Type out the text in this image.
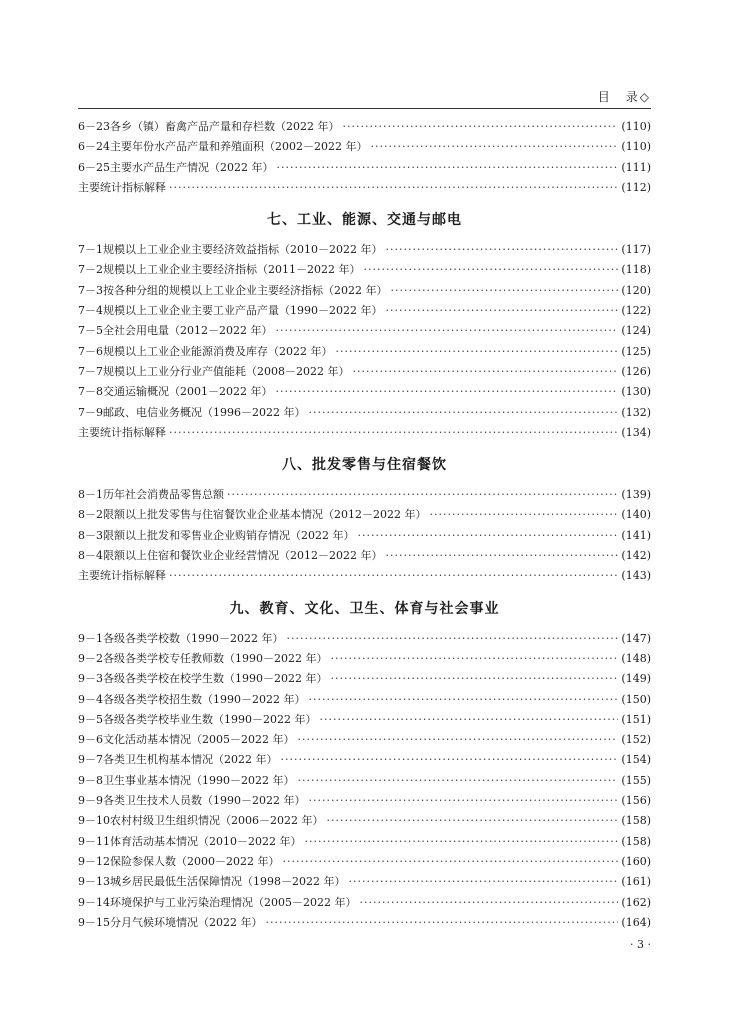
目　录◇
6－23 各乡（镇）畜禽产品产量和存栏数（2022 年） ·····	(110)
6－24 主要年份水产品产量和养殖面积（2002－2022 年） ·····	(110)
6－25 主要水产品生产情况（2022 年） ·····	(111)
主要统计指标解释 ·····	(112)
七、工业、能源、交通与邮电
7－1 规模以上工业企业主要经济效益指标（2010－2022 年） ·····	(117)
7－2 规模以上工业企业主要经济指标（2011－2022 年） ·····	(118)
7－3 按各种分组的规模以上工业企业主要经济指标（2022 年） ·····	(120)
7－4 规模以上工业企业主要工业产品产量（1990－2022 年） ·····	(122)
7－5 全社会用电量（2012－2022 年） ·····	(124)
7－6 规模以上工业企业能源消费及库存（2022 年） ·····	(125)
7－7 规模以上工业分行业产值能耗（2008－2022 年） ·····	(126)
7－8 交通运输概况（2001－2022 年） ·····	(130)
7－9 邮政、电信业务概况（1996－2022 年） ·····	(132)
主要统计指标解释 ·····	(134)
八、批发零售与住宿餐饮
8－1 历年社会消费品零售总额 ·····	(139)
8－2 限额以上批发零售与住宿餐饮业企业基本情况（2012－2022 年） ·····	(140)
8－3 限额以上批发和零售业企业购销存情况（2022 年） ·····	(141)
8－4 限额以上住宿和餐饮业企业经营情况（2012－2022 年） ·····	(142)
主要统计指标解释 ·····	(143)
九、教育、文化、卫生、体育与社会事业
9－1 各级各类学校数（1990－2022 年） ·····	(147)
9－2 各级各类学校专任教师数（1990－2022 年） ·····	(148)
9－3 各级各类学校在校学生数（1990－2022 年） ·····	(149)
9－4 各级各类学校招生数（1990－2022 年） ·····	(150)
9－5 各级各类学校毕业生数（1990－2022 年） ·····	(151)
9－6 文化活动基本情况（2005－2022 年） ·····	(152)
9－7 各类卫生机构基本情况（2022 年） ·····	(154)
9－8 卫生事业基本情况（1990－2022 年） ·····	(155)
9－9 各类卫生技术人员数（1990－2022 年） ·····	(156)
9－10 农村村级卫生组织情况（2006－2022 年） ·····	(158)
9－11 体育活动基本情况（2010－2022 年） ·····	(158)
9－12 保险参保人数（2000－2022 年） ·····	(160)
9－13 城乡居民最低生活保障情况（1998－2022 年） ·····	(161)
9－14 环境保护与工业污染治理情况（2005－2022 年） ·····	(162)
9－15 分月气候环境情况（2022 年） ·····	(164)
· 3 ·
